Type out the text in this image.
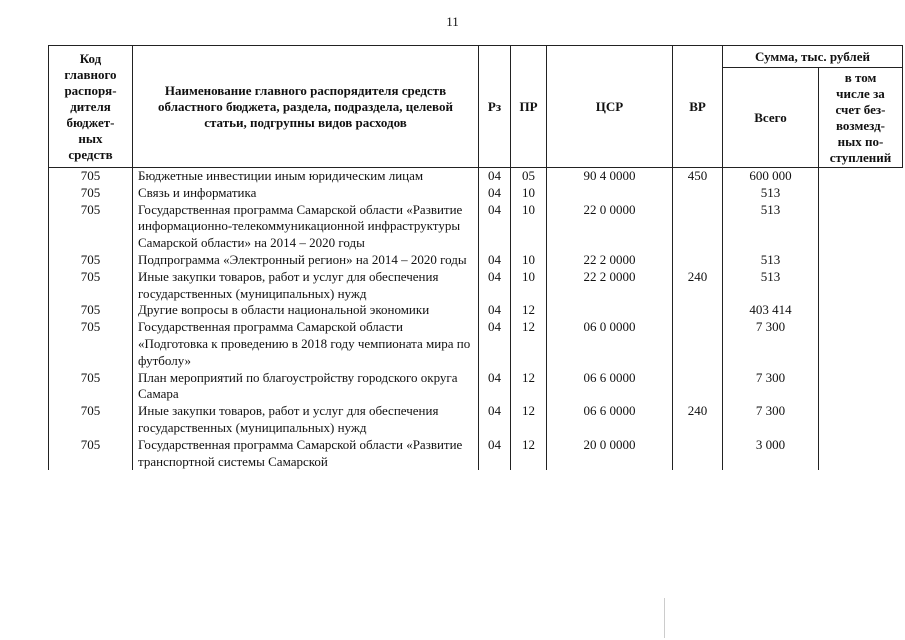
11
Код главного распоря-дителя бюджет-ных средств	Наименование главного распорядителя средств областного бюджета, раздела, подраздела, целевой статьи, подгрупны видов расходов	Рз	ПР	ЦСР	ВР	Сумма, тыс. рублей	
						Всего	в том числе за счет без-возмезд-ных по-ступлений
705	Бюджетные инвестиции иным юридическим лицам	04	05	90 4 0000	450	600 000	
705	Связь и информатика	04	10			513	
705	Государственная программа Самарской области «Развитие информационно-телекоммуникационной инфраструктуры Самарской области» на 2014 – 2020 годы	04	10	22 0 0000		513	
705	Подпрограмма «Электронный регион» на 2014 – 2020 годы	04	10	22 2 0000		513	
705	Иные закупки товаров, работ и услуг для обеспечения государственных (муниципальных) нужд	04	10	22 2 0000	240	513	
705	Другие вопросы в области национальной экономики	04	12			403 414	
705	Государственная программа Самарской области «Подготовка к проведению в 2018 году чемпионата мира по футболу»	04	12	06 0 0000		7 300	
705	План мероприятий по благоустройству городского округа Самара	04	12	06 6 0000		7 300	
705	Иные закупки товаров, работ и услуг для обеспечения государственных (муниципальных) нужд	04	12	06 6 0000	240	7 300	
705	Государственная программа Самарской области «Развитие транспортной системы Самарской	04	12	20 0 0000		3 000	
